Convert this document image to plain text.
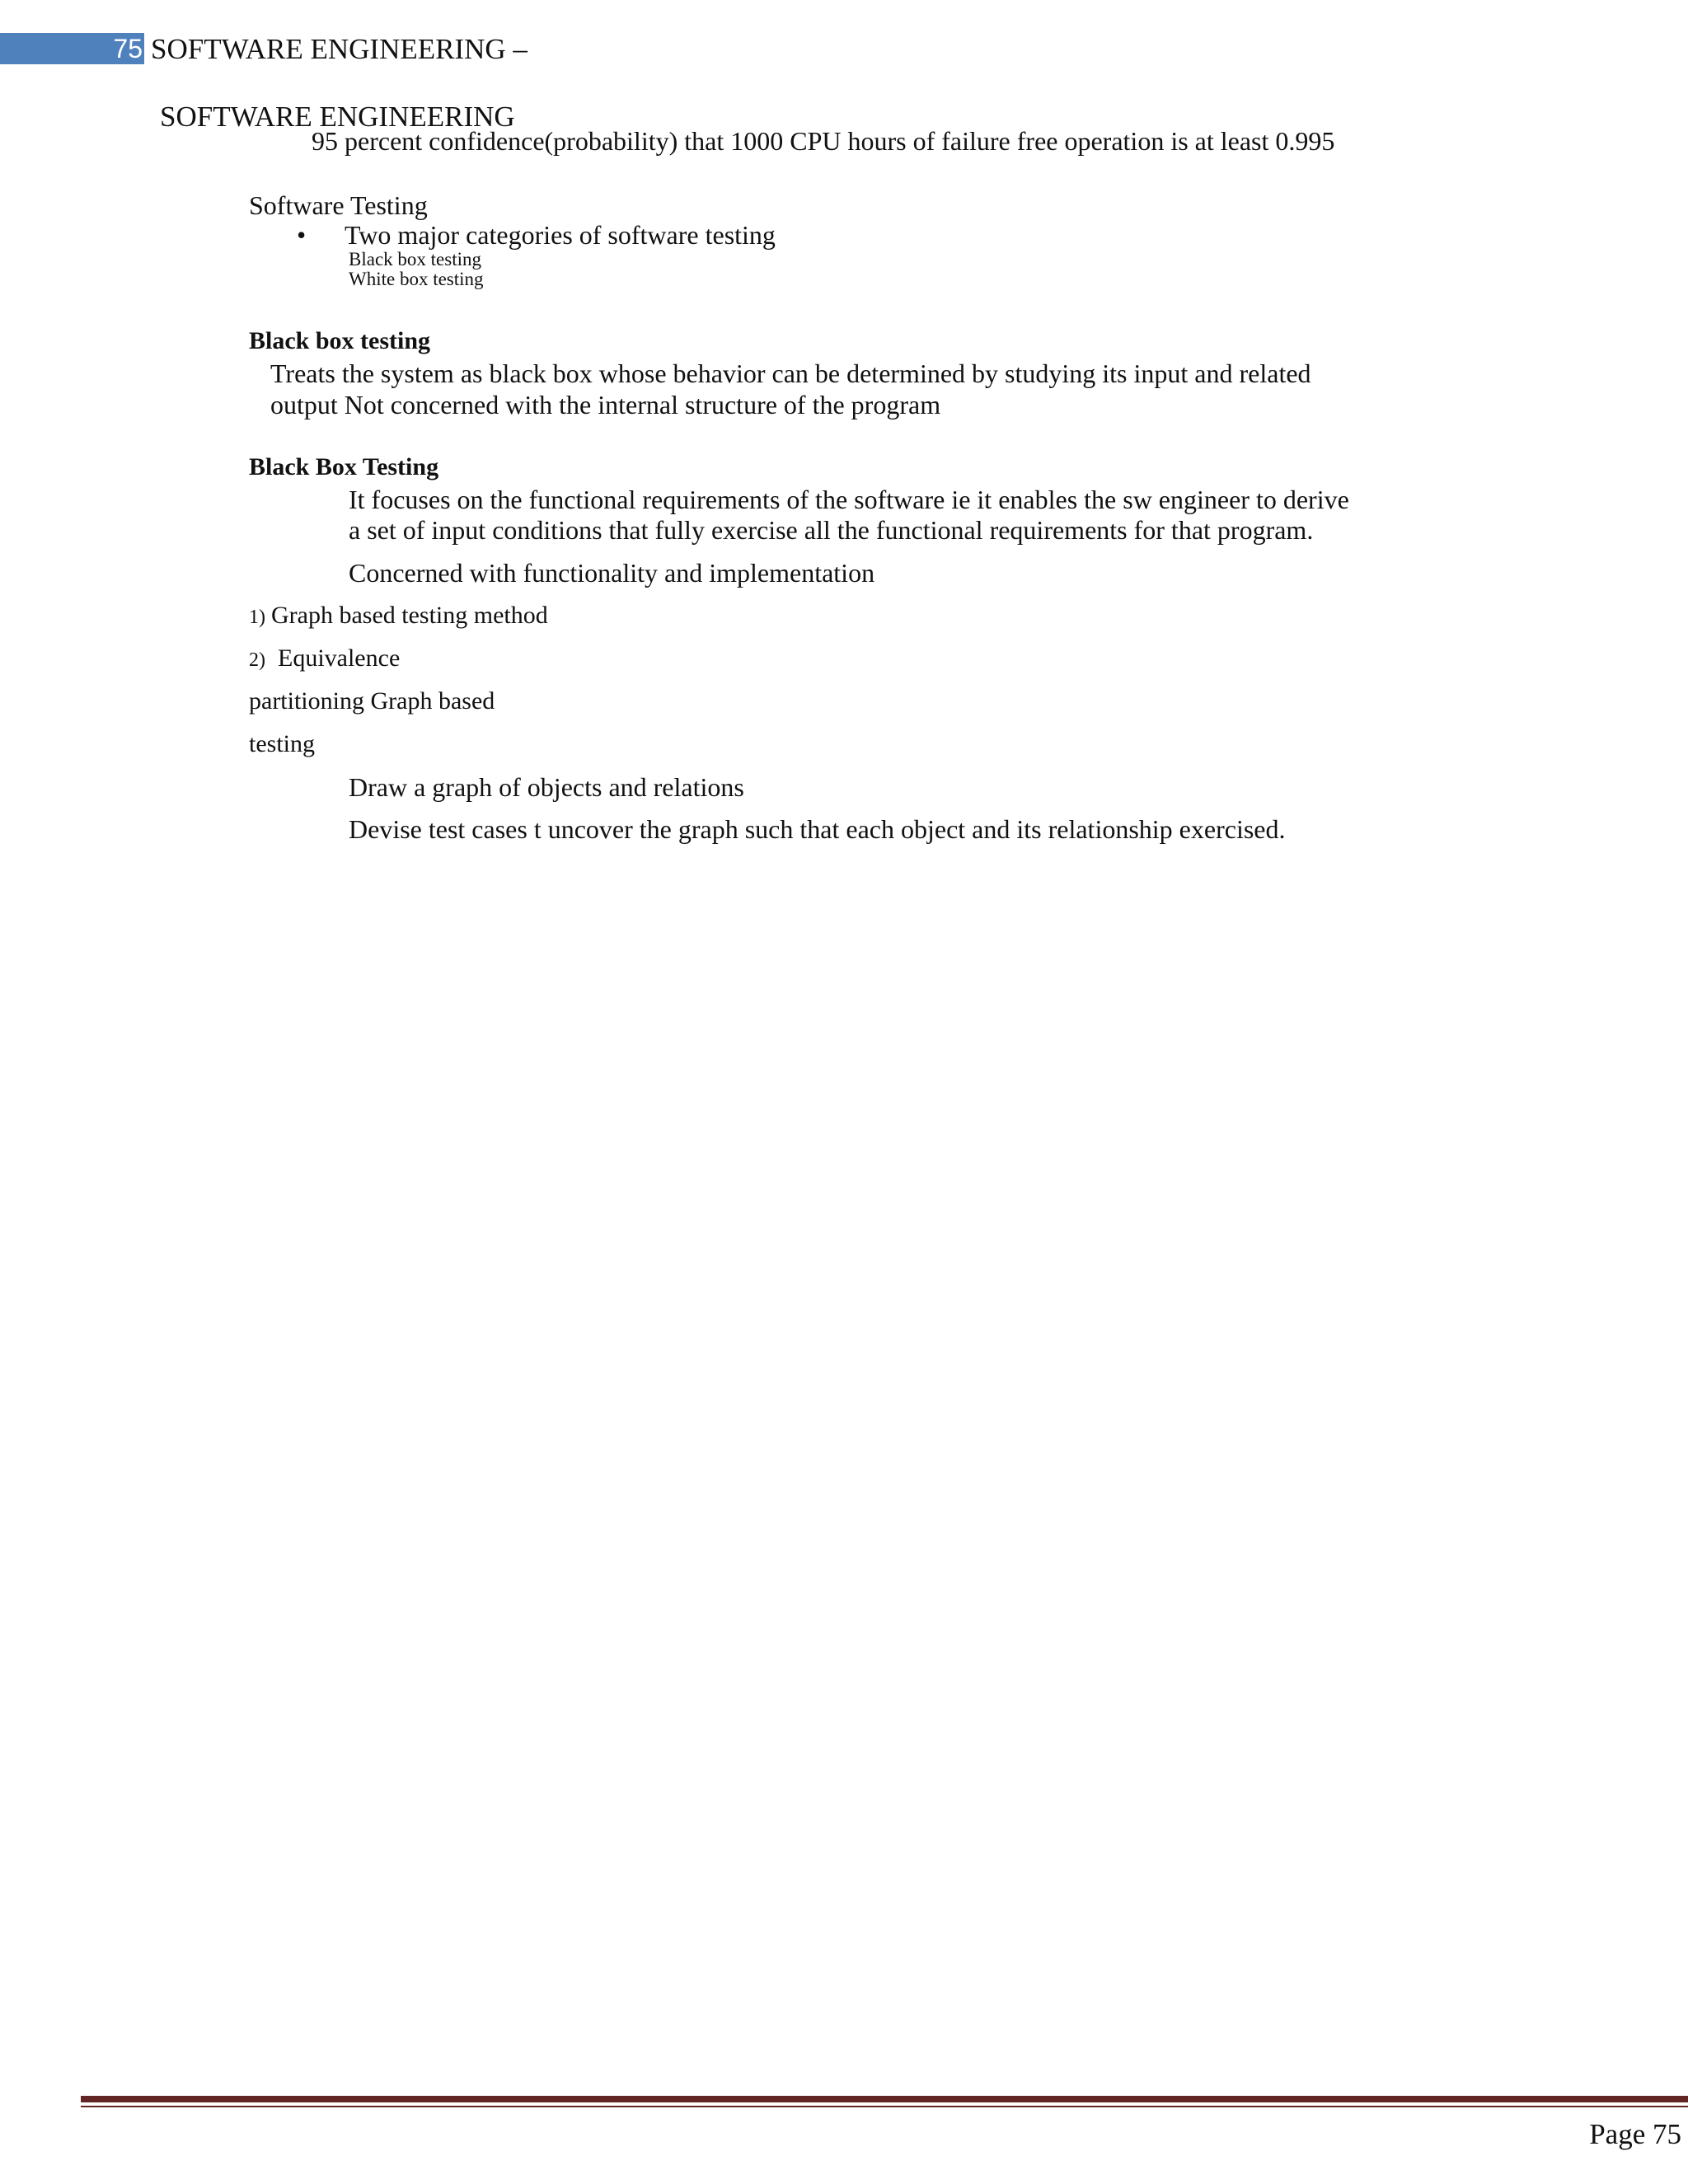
75 SOFTWARE ENGINEERING –
SOFTWARE ENGINEERING
95 percent confidence(probability) that 1000 CPU hours of failure free operation is at least 0.995
Software Testing
• Two major categories of software testing
Black box testing
White box testing
Black box testing
Treats the system as black box whose behavior can be determined by studying its input and related
output Not concerned with the internal structure of the program
Black Box Testing
It focuses on the functional requirements of the software ie it enables the sw engineer to derive
a set of input conditions that fully exercise all the functional requirements for that program.
Concerned with functionality and implementation
1) Graph based testing method
2) Equivalence
partitioning Graph based
testing
Draw a graph of objects and relations
Devise test cases t uncover the graph such that each object and its relationship exercised.
Page 75
